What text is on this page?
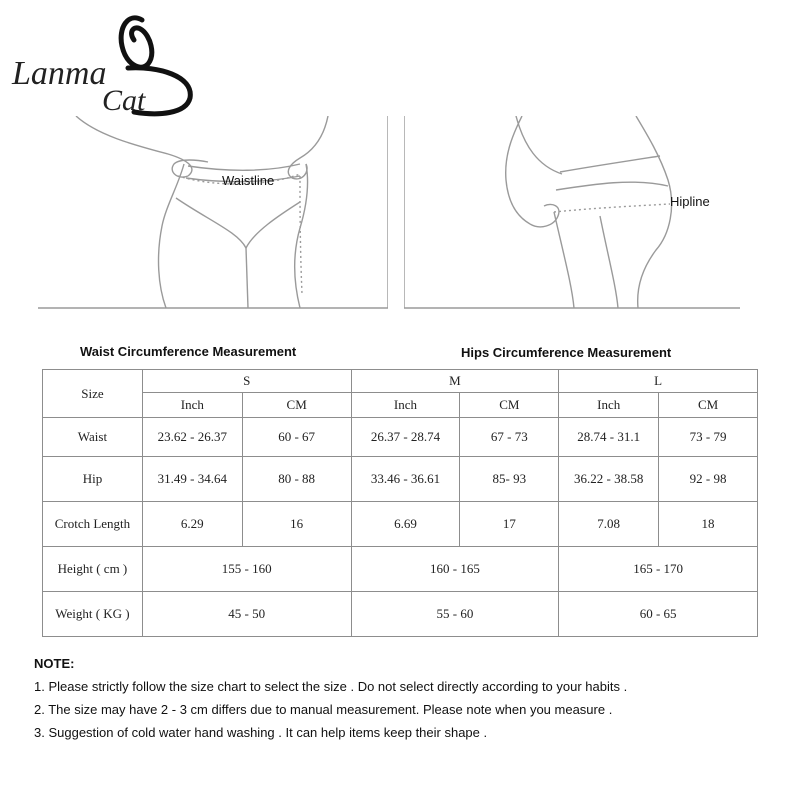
Lanma
Cat
Waistline
Hipline
Waist Circumference Measurement	Hips Circumference Measurement
Size	S		M		L	
	Inch	CM	Inch	CM	Inch	CM
Waist	23.62 - 26.37	60 - 67	26.37 - 28.74	67 - 73	28.74 - 31.1	73 - 79
Hip	31.49 - 34.64	80 - 88	33.46 - 36.61	85- 93	36.22 - 38.58	92 - 98
Crotch Length	6.29	16	6.69	17	7.08	18
Height ( cm )	155 - 160		160 - 165		165 - 170	
Weight ( KG )	45 - 50		55 - 60		60 - 65	
NOTE:
1. Please strictly follow the size chart to select the size . Do not select directly according to your habits .
2. The size may have 2 - 3 cm differs due to manual measurement. Please note when you measure .
3. Suggestion of cold water hand washing . It can help items keep their shape .
